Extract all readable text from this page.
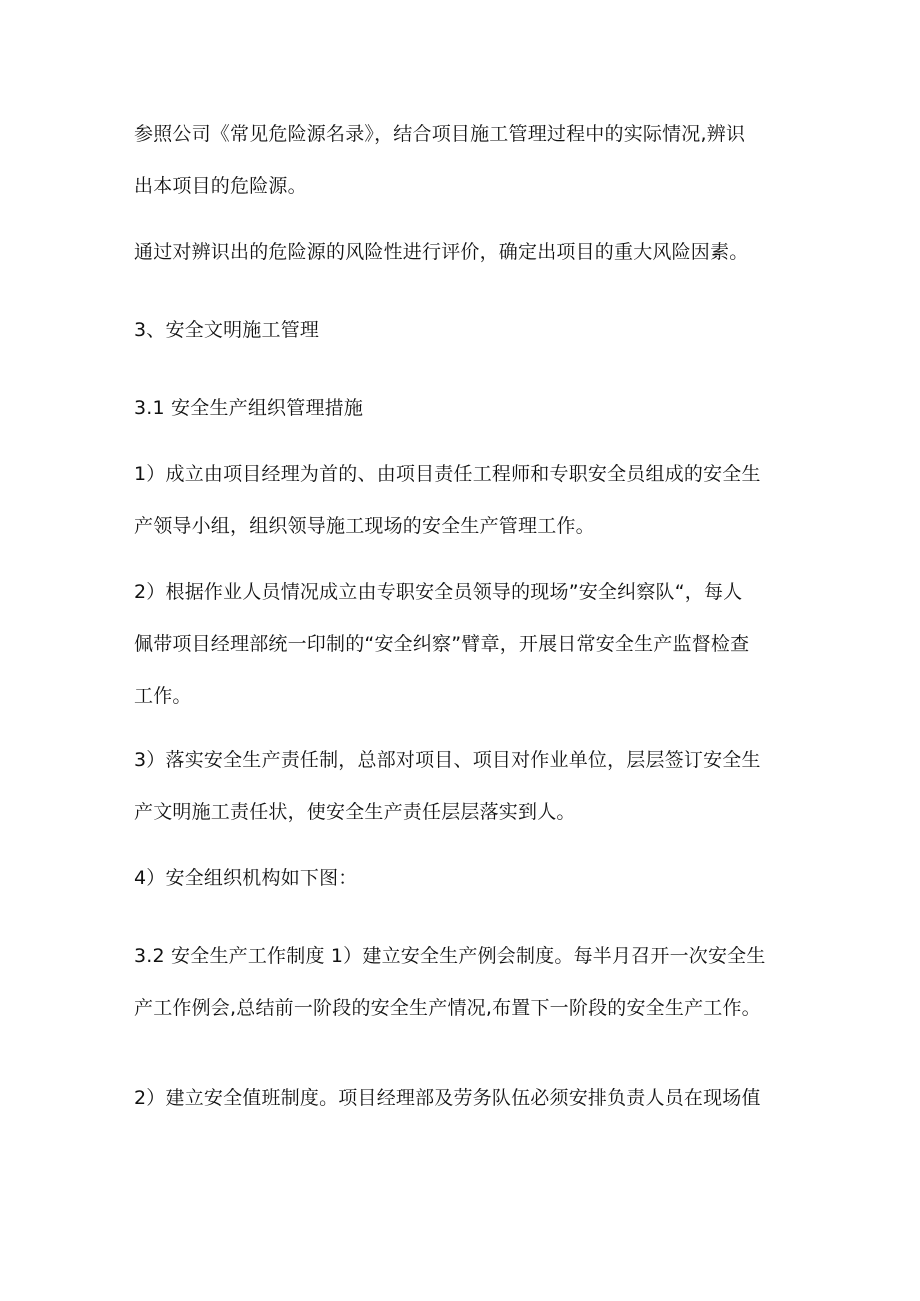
参照公司《常见危险源名录》，结合项目施工管理过程中的实际情况,辨识
出本项目的危险源。

通过对辨识出的危险源的风险性进行评价，确定出项目的重大风险因素。

3、安全文明施工管理

3.1 安全生产组织管理措施

1）成立由项目经理为首的、由项目责任工程师和专职安全员组成的安全生
产领导小组，组织领导施工现场的安全生产管理工作。

2）根据作业人员情况成立由专职安全员领导的现场”安全纠察队“，每人
佩带项目经理部统一印制的“安全纠察”臂章，开展日常安全生产监督检查
工作。

3）落实安全生产责任制，总部对项目、项目对作业单位，层层签订安全生
产文明施工责任状，使安全生产责任层层落实到人。

4）安全组织机构如下图：

3.2 安全生产工作制度 1）建立安全生产例会制度。每半月召开一次安全生
产工作例会,总结前一阶段的安全生产情况,布置下一阶段的安全生产工作。

2）建立安全值班制度。项目经理部及劳务队伍必须安排负责人员在现场值
